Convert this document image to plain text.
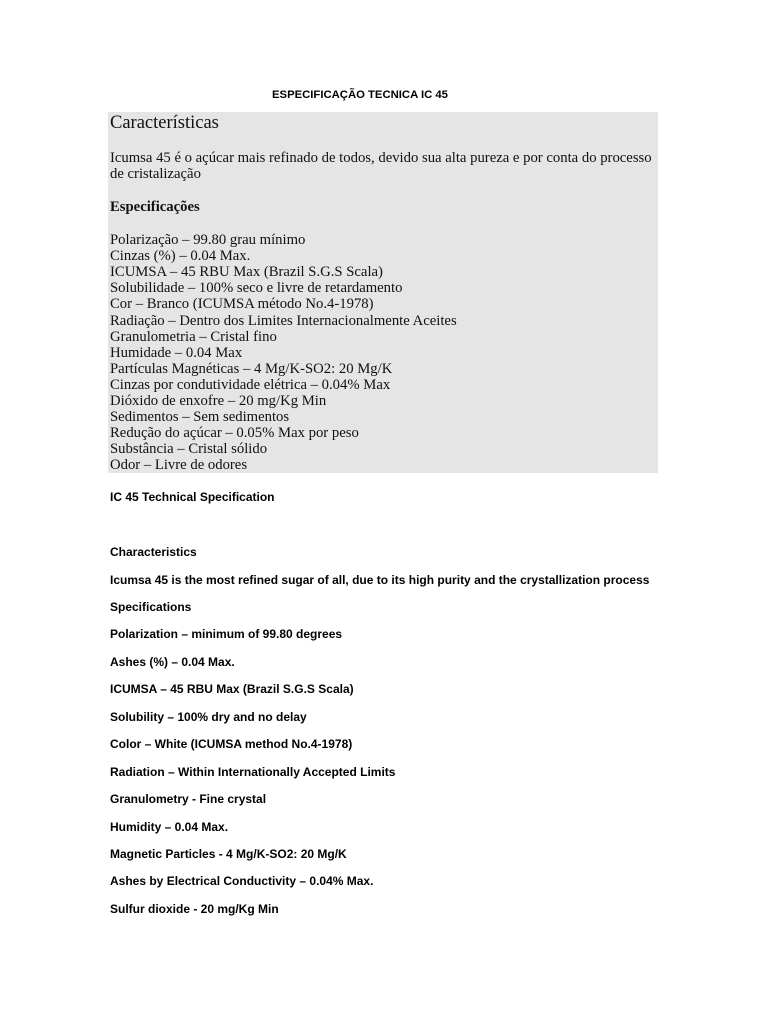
ESPECIFICAÇÃO TECNICA IC 45
Características
Icumsa 45 é o açúcar mais refinado de todos, devido sua alta pureza e por conta do processo de cristalização
Especificações
Polarização – 99.80 grau mínimo
Cinzas (%) – 0.04 Max.
ICUMSA – 45 RBU Max (Brazil S.G.S Scala)
Solubilidade – 100% seco e livre de retardamento
Cor – Branco (ICUMSA método No.4-1978)
Radiação – Dentro dos Limites Internacionalmente Aceites
Granulometria – Cristal fino
Humidade – 0.04 Max
Partículas Magnéticas – 4 Mg/K-SO2: 20 Mg/K
Cinzas por condutividade elétrica – 0.04% Max
Dióxido de enxofre – 20 mg/Kg Min
Sedimentos – Sem sedimentos
Redução do açúcar – 0.05% Max por peso
Substância – Cristal sólido
Odor – Livre de odores
IC 45 Technical Specification
Characteristics
Icumsa 45 is the most refined sugar of all, due to its high purity and the crystallization process
Specifications
Polarization – minimum of 99.80 degrees
Ashes (%) – 0.04 Max.
ICUMSA – 45 RBU Max (Brazil S.G.S Scala)
Solubility – 100% dry and no delay
Color – White (ICUMSA method No.4-1978)
Radiation – Within Internationally Accepted Limits
Granulometry - Fine crystal
Humidity – 0.04 Max.
Magnetic Particles - 4 Mg/K-SO2: 20 Mg/K
Ashes by Electrical Conductivity – 0.04% Max.
Sulfur dioxide - 20 mg/Kg Min
